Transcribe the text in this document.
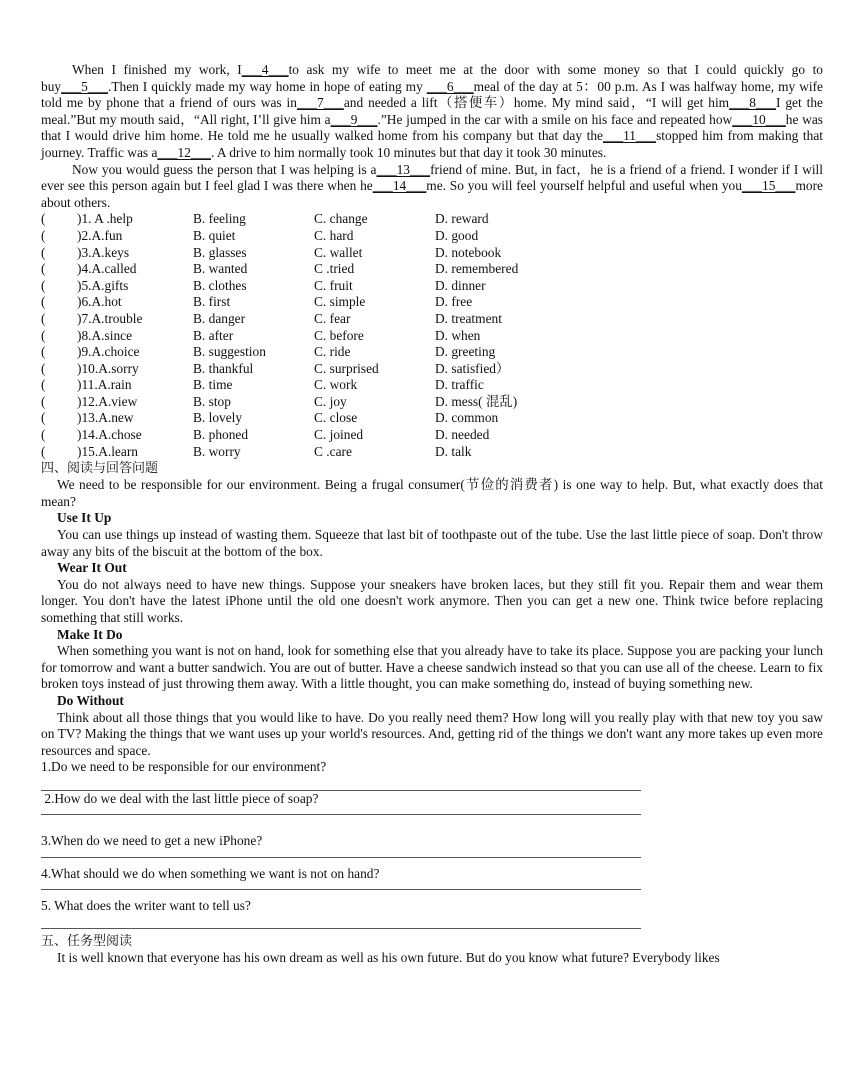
When I finished my work, I___4___to ask my wife to meet me at the door with some money so that I could quickly go to buy___5___.Then I quickly made my way home in hope of eating my ___6___meal of the day at 5：00 p.m. As I was halfway home, my wife told me by phone that a friend of ours was in___7___and needed a lift（搭便车）home. My mind said，“I will get him___8___I get the meal.”But my mouth said，“All right, I’ll give him a___9___.”He jumped in the car with a smile on his face and repeated how___10___he was that I would drive him home. He told me he usually walked home from his company but that day the___11___stopped him from making that journey. Traffic was a___12___. A drive to him normally took 10 minutes but that day it took 30 minutes.

Now you would guess the person that I was helping is a___13___friend of mine. But, in fact，he is a friend of a friend. I wonder if I will ever see this person again but I feel glad I was there when he___14___me. So you will feel yourself helpful and useful when you___15___more about others.

(	)1. A .help	B. feeling	C. change	D. reward
(	)2.A.fun	B. quiet	C. hard	D. good
(	)3.A.keys	B. glasses	C. wallet	D. notebook
(	)4.A.called	B. wanted	C .tried	D. remembered
(	)5.A.gifts	B. clothes	C. fruit	D. dinner
(	)6.A.hot	B. first	C. simple	D. free
(	)7.A.trouble	B. danger	C. fear	D. treatment
(	)8.A.since	B. after	C. before	D. when
(	)9.A.choice	B. suggestion	C. ride	D. greeting
(	)10.A.sorry	B. thankful	C. surprised	D. satisfied）
(	)11.A.rain	B. time	C. work	D. traffic
(	)12.A.view	B. stop	C. joy	D. mess( 混乱)
(	)13.A.new	B. lovely	C. close	D. common
(	)14.A.chose	B. phoned	C. joined	D. needed
(	)15.A.learn	B. worry	C .care	D. talk

四、阅读与回答问题

We need to be responsible for our environment. Being a frugal consumer(节俭的消费者) is one way to help. But, what exactly does that mean?

Use It Up

You can use things up instead of wasting them. Squeeze that last bit of toothpaste out of the tube. Use the last little piece of soap. Don't throw away any bits of the biscuit at the bottom of the box.

Wear It Out

You do not always need to have new things. Suppose your sneakers have broken laces, but they still fit you. Repair them and wear them longer. You don't have the latest iPhone until the old one doesn't work anymore. Then you can get a new one. Think twice before replacing something that still works.

Make It Do

When something you want is not on hand, look for something else that you already have to take its place. Suppose you are packing your lunch for tomorrow and want a butter sandwich. You are out of butter. Have a cheese sandwich instead so that you can use all of the cheese. Learn to fix broken toys instead of just throwing them away. With a little thought, you can make something do, instead of buying something new.

Do Without

Think about all those things that you would like to have. Do you really need them? How long will you really play with that new toy you saw on TV? Making the things that we want uses up your world's resources. And, getting rid of the things we don't want any more takes up even more resources and space.

1.Do we need to be responsible for our environment?

2.How do we deal with the last little piece of soap?

3.When do we need to get a new iPhone?

4.What should we do when something we want is not on hand?

5. What does the writer want to tell us?

五、任务型阅读

It is well known that everyone has his own dream as well as his own future. But do you know what future? Everybody likes
